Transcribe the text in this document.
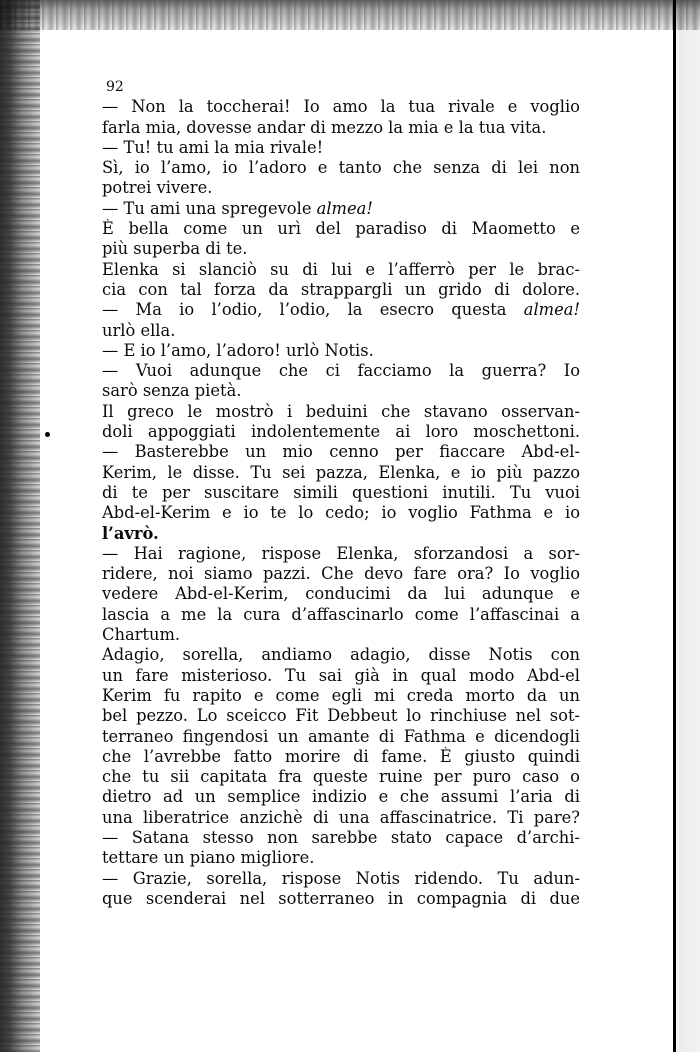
92
— Non la toccherai! Io amo la tua rivale e voglio
farla mia, dovesse andar di mezzo la mia e la tua vita.
— Tu! tu ami la mia rivale!
Sì, io l’amo, io l’adoro e tanto che senza di lei non
potrei vivere.
— Tu ami una spregevole almea!
È bella come un urì del paradiso di Maometto e
più superba di te.
Elenka si slanciò su di lui e l’afferrò per le brac-
cia con tal forza da strappargli un grido di dolore.
— Ma io l’odio, l’odio, la esecro questa almea!
urlò ella.
— E io l’amo, l’adoro! urlò Notis.
— Vuoi adunque che ci facciamo la guerra? Io
sarò senza pietà.
Il greco le mostrò i beduini che stavano osservan-
doli appoggiati indolentemente ai loro moschettoni.
— Basterebbe un mio cenno per fiaccare Abd-el-
Kerim, le disse. Tu sei pazza, Elenka, e io più pazzo
di te per suscitare simili questioni inutili. Tu vuoi
Abd-el-Kerim e io te lo cedo; io voglio Fathma e io
l’avrò.
— Hai ragione, rispose Elenka, sforzandosi a sor-
ridere, noi siamo pazzi. Che devo fare ora? Io voglio
vedere Abd-el-Kerim, conducimi da lui adunque e
lascia a me la cura d’affascinarlo come l’affascinai a
Chartum.
Adagio, sorella, andiamo adagio, disse Notis con
un fare misterioso. Tu sai già in qual modo Abd-el
Kerim fu rapito e come egli mi creda morto da un
bel pezzo. Lo sceicco Fit Debbeut lo rinchiuse nel sot-
terraneo fingendosi un amante di Fathma e dicendogli
che l’avrebbe fatto morire di fame. È giusto quindi
che tu sii capitata fra queste ruine per puro caso o
dietro ad un semplice indizio e che assumi l’aria di
una liberatrice anzichè di una affascinatrice. Ti pare?
— Satana stesso non sarebbe stato capace d’archi-
tettare un piano migliore.
— Grazie, sorella, rispose Notis ridendo. Tu adun-
que scenderai nel sotterraneo in compagnia di due
